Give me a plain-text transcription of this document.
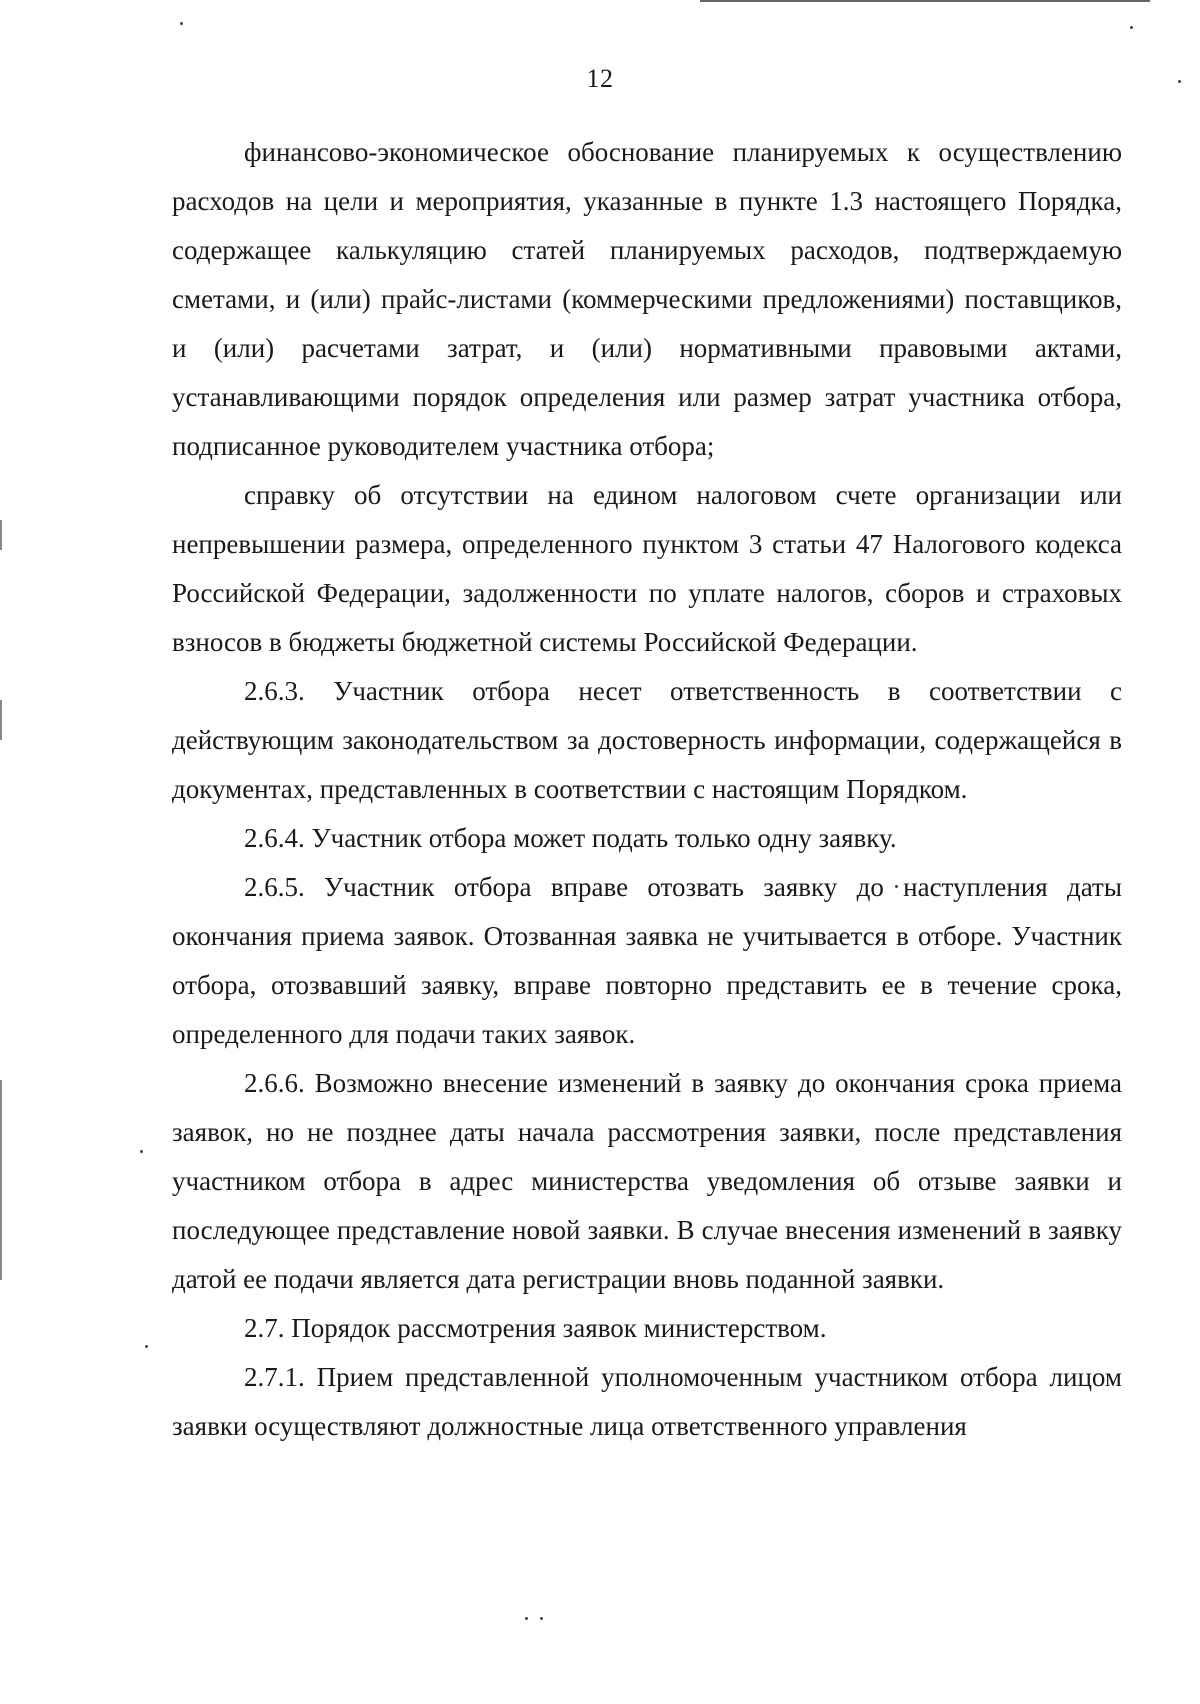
12

финансово-экономическое обоснование планируемых к осуществлению расходов на цели и мероприятия, указанные в пункте 1.3 настоящего Порядка, содержащее калькуляцию статей планируемых расходов, подтверждаемую сметами, и (или) прайс-листами (коммерческими предложениями) поставщиков, и (или) расчетами затрат, и (или) нормативными правовыми актами, устанавливающими порядок определения или размер затрат участника отбора, подписанное руководителем участника отбора;

справку об отсутствии на едином налоговом счете организации или непревышении размера, определенного пунктом 3 статьи 47 Налогового кодекса Российской Федерации, задолженности по уплате налогов, сборов и страховых взносов в бюджеты бюджетной системы Российской Федерации.

2.6.3. Участник отбора несет ответственность в соответствии с действующим законодательством за достоверность информации, содержащейся в документах, представленных в соответствии с настоящим Порядком.

2.6.4. Участник отбора может подать только одну заявку.

2.6.5. Участник отбора вправе отозвать заявку до наступления даты окончания приема заявок. Отозванная заявка не учитывается в отборе. Участник отбора, отозвавший заявку, вправе повторно представить ее в течение срока, определенного для подачи таких заявок.

2.6.6. Возможно внесение изменений в заявку до окончания срока приема заявок, но не позднее даты начала рассмотрения заявки, после представления участником отбора в адрес министерства уведомления об отзыве заявки и последующее представление новой заявки. В случае внесения изменений в заявку датой ее подачи является дата регистрации вновь поданной заявки.

2.7. Порядок рассмотрения заявок министерством.

2.7.1. Прием представленной уполномоченным участником отбора лицом заявки осуществляют должностные лица ответственного управления
